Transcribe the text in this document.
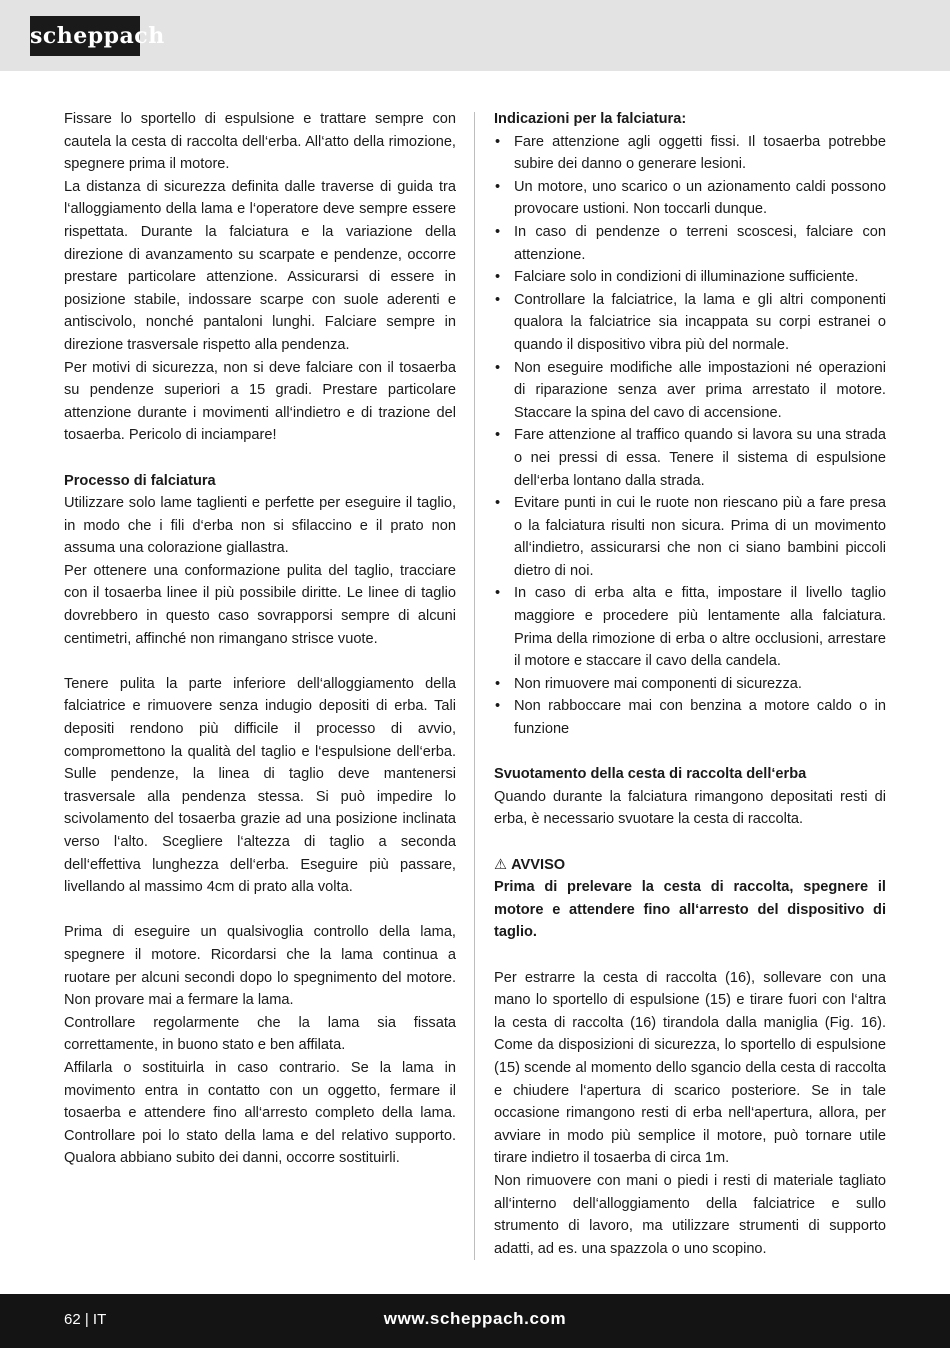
scheppach

Fissare lo sportello di espulsione e trattare sempre con cautela la cesta di raccolta dell‘erba. All‘atto della rimozione, spegnere prima il motore.

La distanza di sicurezza definita dalle traverse di guida tra l‘alloggiamento della lama e l‘operatore deve sempre essere rispettata. Durante la falciatura e la variazione della direzione di avanzamento su scarpate e pendenze, occorre prestare particolare attenzione. Assicurarsi di essere in posizione stabile, indossare scarpe con suole aderenti e antiscivolo, nonché pantaloni lunghi. Falciare sempre in direzione trasversale rispetto alla pendenza.

Per motivi di sicurezza, non si deve falciare con il tosaerba su pendenze superiori a 15 gradi. Prestare particolare attenzione durante i movimenti all‘indietro e di trazione del tosaerba. Pericolo di inciampare!

Processo di falciatura

Utilizzare solo lame taglienti e perfette per eseguire il taglio, in modo che i fili d‘erba non si sfilaccino e il prato non assuma una colorazione giallastra.

Per ottenere una conformazione pulita del taglio, tracciare con il tosaerba linee il più possibile diritte. Le linee di taglio dovrebbero in questo caso sovrapporsi sempre di alcuni centimetri, affinché non rimangano strisce vuote.

Tenere pulita la parte inferiore dell‘alloggiamento della falciatrice e rimuovere senza indugio depositi di erba. Tali depositi rendono più difficile il processo di avvio, compromettono la qualità del taglio e l‘espulsione dell‘erba. Sulle pendenze, la linea di taglio deve mantenersi trasversale alla pendenza stessa. Si può impedire lo scivolamento del tosaerba grazie ad una posizione inclinata verso l‘alto. Scegliere l‘altezza di taglio a seconda dell‘effettiva lunghezza dell‘erba. Eseguire più passare, livellando al massimo 4cm di prato alla volta.

Prima di eseguire un qualsivoglia controllo della lama, spegnere il motore. Ricordarsi che la lama continua a ruotare per alcuni secondi dopo lo spegnimento del motore. Non provare mai a fermare la lama.

Controllare regolarmente che la lama sia fissata correttamente, in buono stato e ben affilata.

Affilarla o sostituirla in caso contrario. Se la lama in movimento entra in contatto con un oggetto, fermare il tosaerba e attendere fino all‘arresto completo della lama. Controllare poi lo stato della lama e del relativo supporto. Qualora abbiano subito dei danni, occorre sostituirli.

Indicazioni per la falciatura:
• Fare attenzione agli oggetti fissi. Il tosaerba potrebbe subire dei danno o generare lesioni.
• Un motore, uno scarico o un azionamento caldi possono provocare ustioni. Non toccarli dunque.
• In caso di pendenze o terreni scoscesi, falciare con attenzione.
• Falciare solo in condizioni di illuminazione sufficiente.
• Controllare la falciatrice, la lama e gli altri componenti qualora la falciatrice sia incappata su corpi estranei o quando il dispositivo vibra più del normale.
• Non eseguire modifiche alle impostazioni né operazioni di riparazione senza aver prima arrestato il motore. Staccare la spina del cavo di accensione.
• Fare attenzione al traffico quando si lavora su una strada o nei pressi di essa. Tenere il sistema di espulsione dell‘erba lontano dalla strada.
• Evitare punti in cui le ruote non riescano più a fare presa o la falciatura risulti non sicura. Prima di un movimento all‘indietro, assicurarsi che non ci siano bambini piccoli dietro di noi.
• In caso di erba alta e fitta, impostare il livello taglio maggiore e procedere più lentamente alla falciatura. Prima della rimozione di erba o altre occlusioni, arrestare il motore e staccare il cavo della candela.
• Non rimuovere mai componenti di sicurezza.
• Non rabboccare mai con benzina a motore caldo o in funzione
Svuotamento della cesta di raccolta dell‘erba

Quando durante la falciatura rimangono depositati resti di erba, è necessario svuotare la cesta di raccolta.

⚠ AVVISO

Prima di prelevare la cesta di raccolta, spegnere il motore e attendere fino all‘arresto del dispositivo di taglio.

Per estrarre la cesta di raccolta (16), sollevare con una mano lo sportello di espulsione (15) e tirare fuori con l‘altra la cesta di raccolta (16) tirandola dalla maniglia (Fig. 16). Come da disposizioni di sicurezza, lo sportello di espulsione (15) scende al momento dello sgancio della cesta di raccolta e chiudere l‘apertura di scarico posteriore. Se in tale occasione rimangono resti di erba nell‘apertura, allora, per avviare in modo più semplice il motore, può tornare utile tirare indietro il tosaerba di circa 1m.

Non rimuovere con mani o piedi i resti di materiale tagliato all‘interno dell‘alloggiamento della falciatrice e sullo strumento di lavoro, ma utilizzare strumenti di supporto adatti, ad es. una spazzola o uno scopino.

62 | IT	www.scheppach.com
